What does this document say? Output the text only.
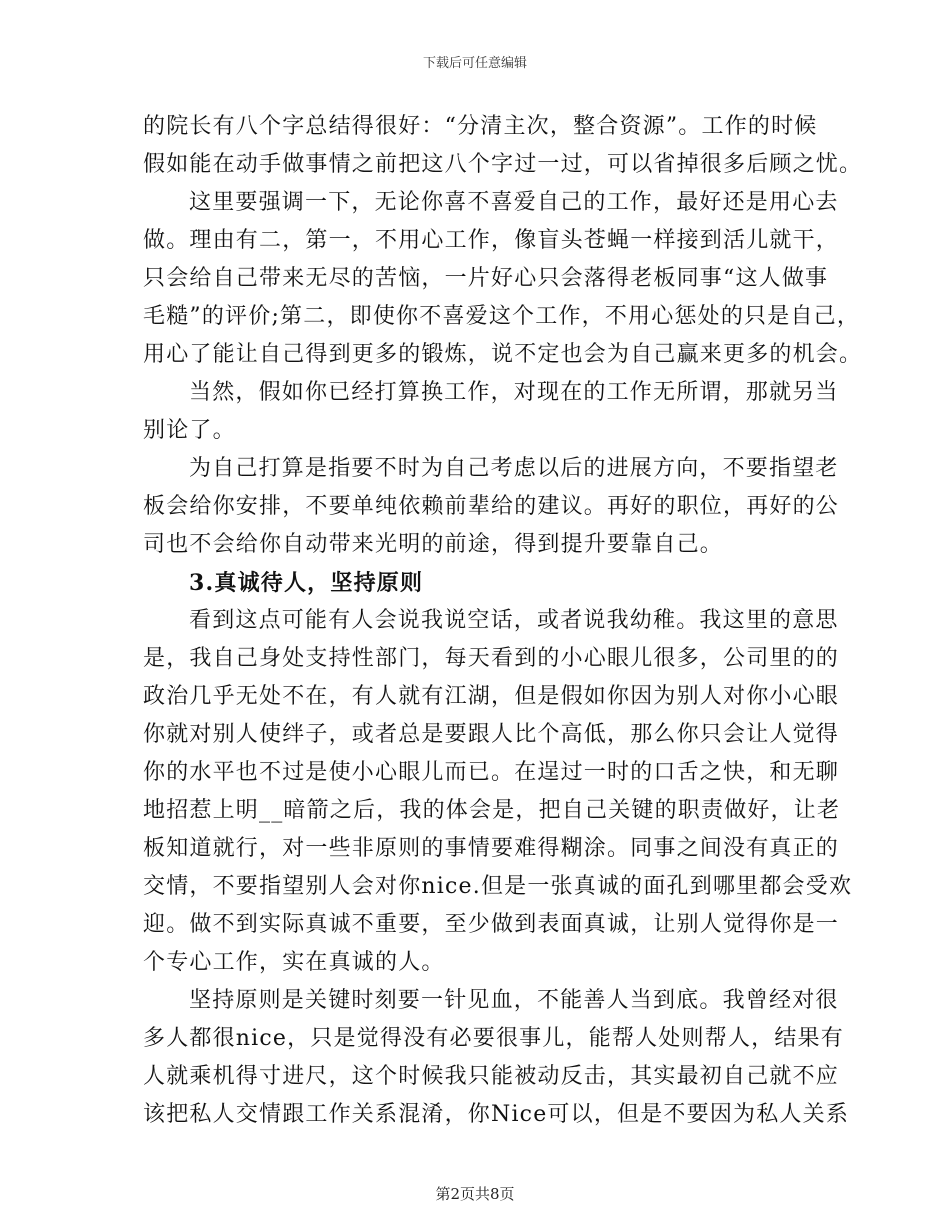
下载后可任意编辑
的院长有八个字总结得很好：“分清主次，整合资源”。工作的时候
假如能在动手做事情之前把这八个字过一过，可以省掉很多后顾之忧。
这里要强调一下，无论你喜不喜爱自己的工作，最好还是用心去
做。理由有二，第一，不用心工作，像盲头苍蝇一样接到活儿就干，
只会给自己带来无尽的苦恼，一片好心只会落得老板同事“这人做事
毛糙”的评价;第二，即使你不喜爱这个工作，不用心惩处的只是自己，
用心了能让自己得到更多的锻炼，说不定也会为自己赢来更多的机会。
当然，假如你已经打算换工作，对现在的工作无所谓，那就另当
别论了。
为自己打算是指要不时为自己考虑以后的进展方向，不要指望老
板会给你安排，不要单纯依赖前辈给的建议。再好的职位，再好的公
司也不会给你自动带来光明的前途，得到提升要靠自己。
3.真诚待人，坚持原则
看到这点可能有人会说我说空话，或者说我幼稚。我这里的意思
是，我自己身处支持性部门，每天看到的小心眼儿很多，公司里的的
政治几乎无处不在，有人就有江湖，但是假如你因为别人对你小心眼
你就对别人使绊子，或者总是要跟人比个高低，那么你只会让人觉得
你的水平也不过是使小心眼儿而已。在逞过一时的口舌之快，和无聊
地招惹上明__暗箭之后，我的体会是，把自己关键的职责做好，让老
板知道就行，对一些非原则的事情要难得糊涂。同事之间没有真正的
交情，不要指望别人会对你nice.但是一张真诚的面孔到哪里都会受欢
迎。做不到实际真诚不重要，至少做到表面真诚，让别人觉得你是一
个专心工作，实在真诚的人。
坚持原则是关键时刻要一针见血，不能善人当到底。我曾经对很
多人都很nice，只是觉得没有必要很事儿，能帮人处则帮人，结果有
人就乘机得寸进尺，这个时候我只能被动反击，其实最初自己就不应
该把私人交情跟工作关系混淆，你Nice可以，但是不要因为私人关系
第2页共8页
